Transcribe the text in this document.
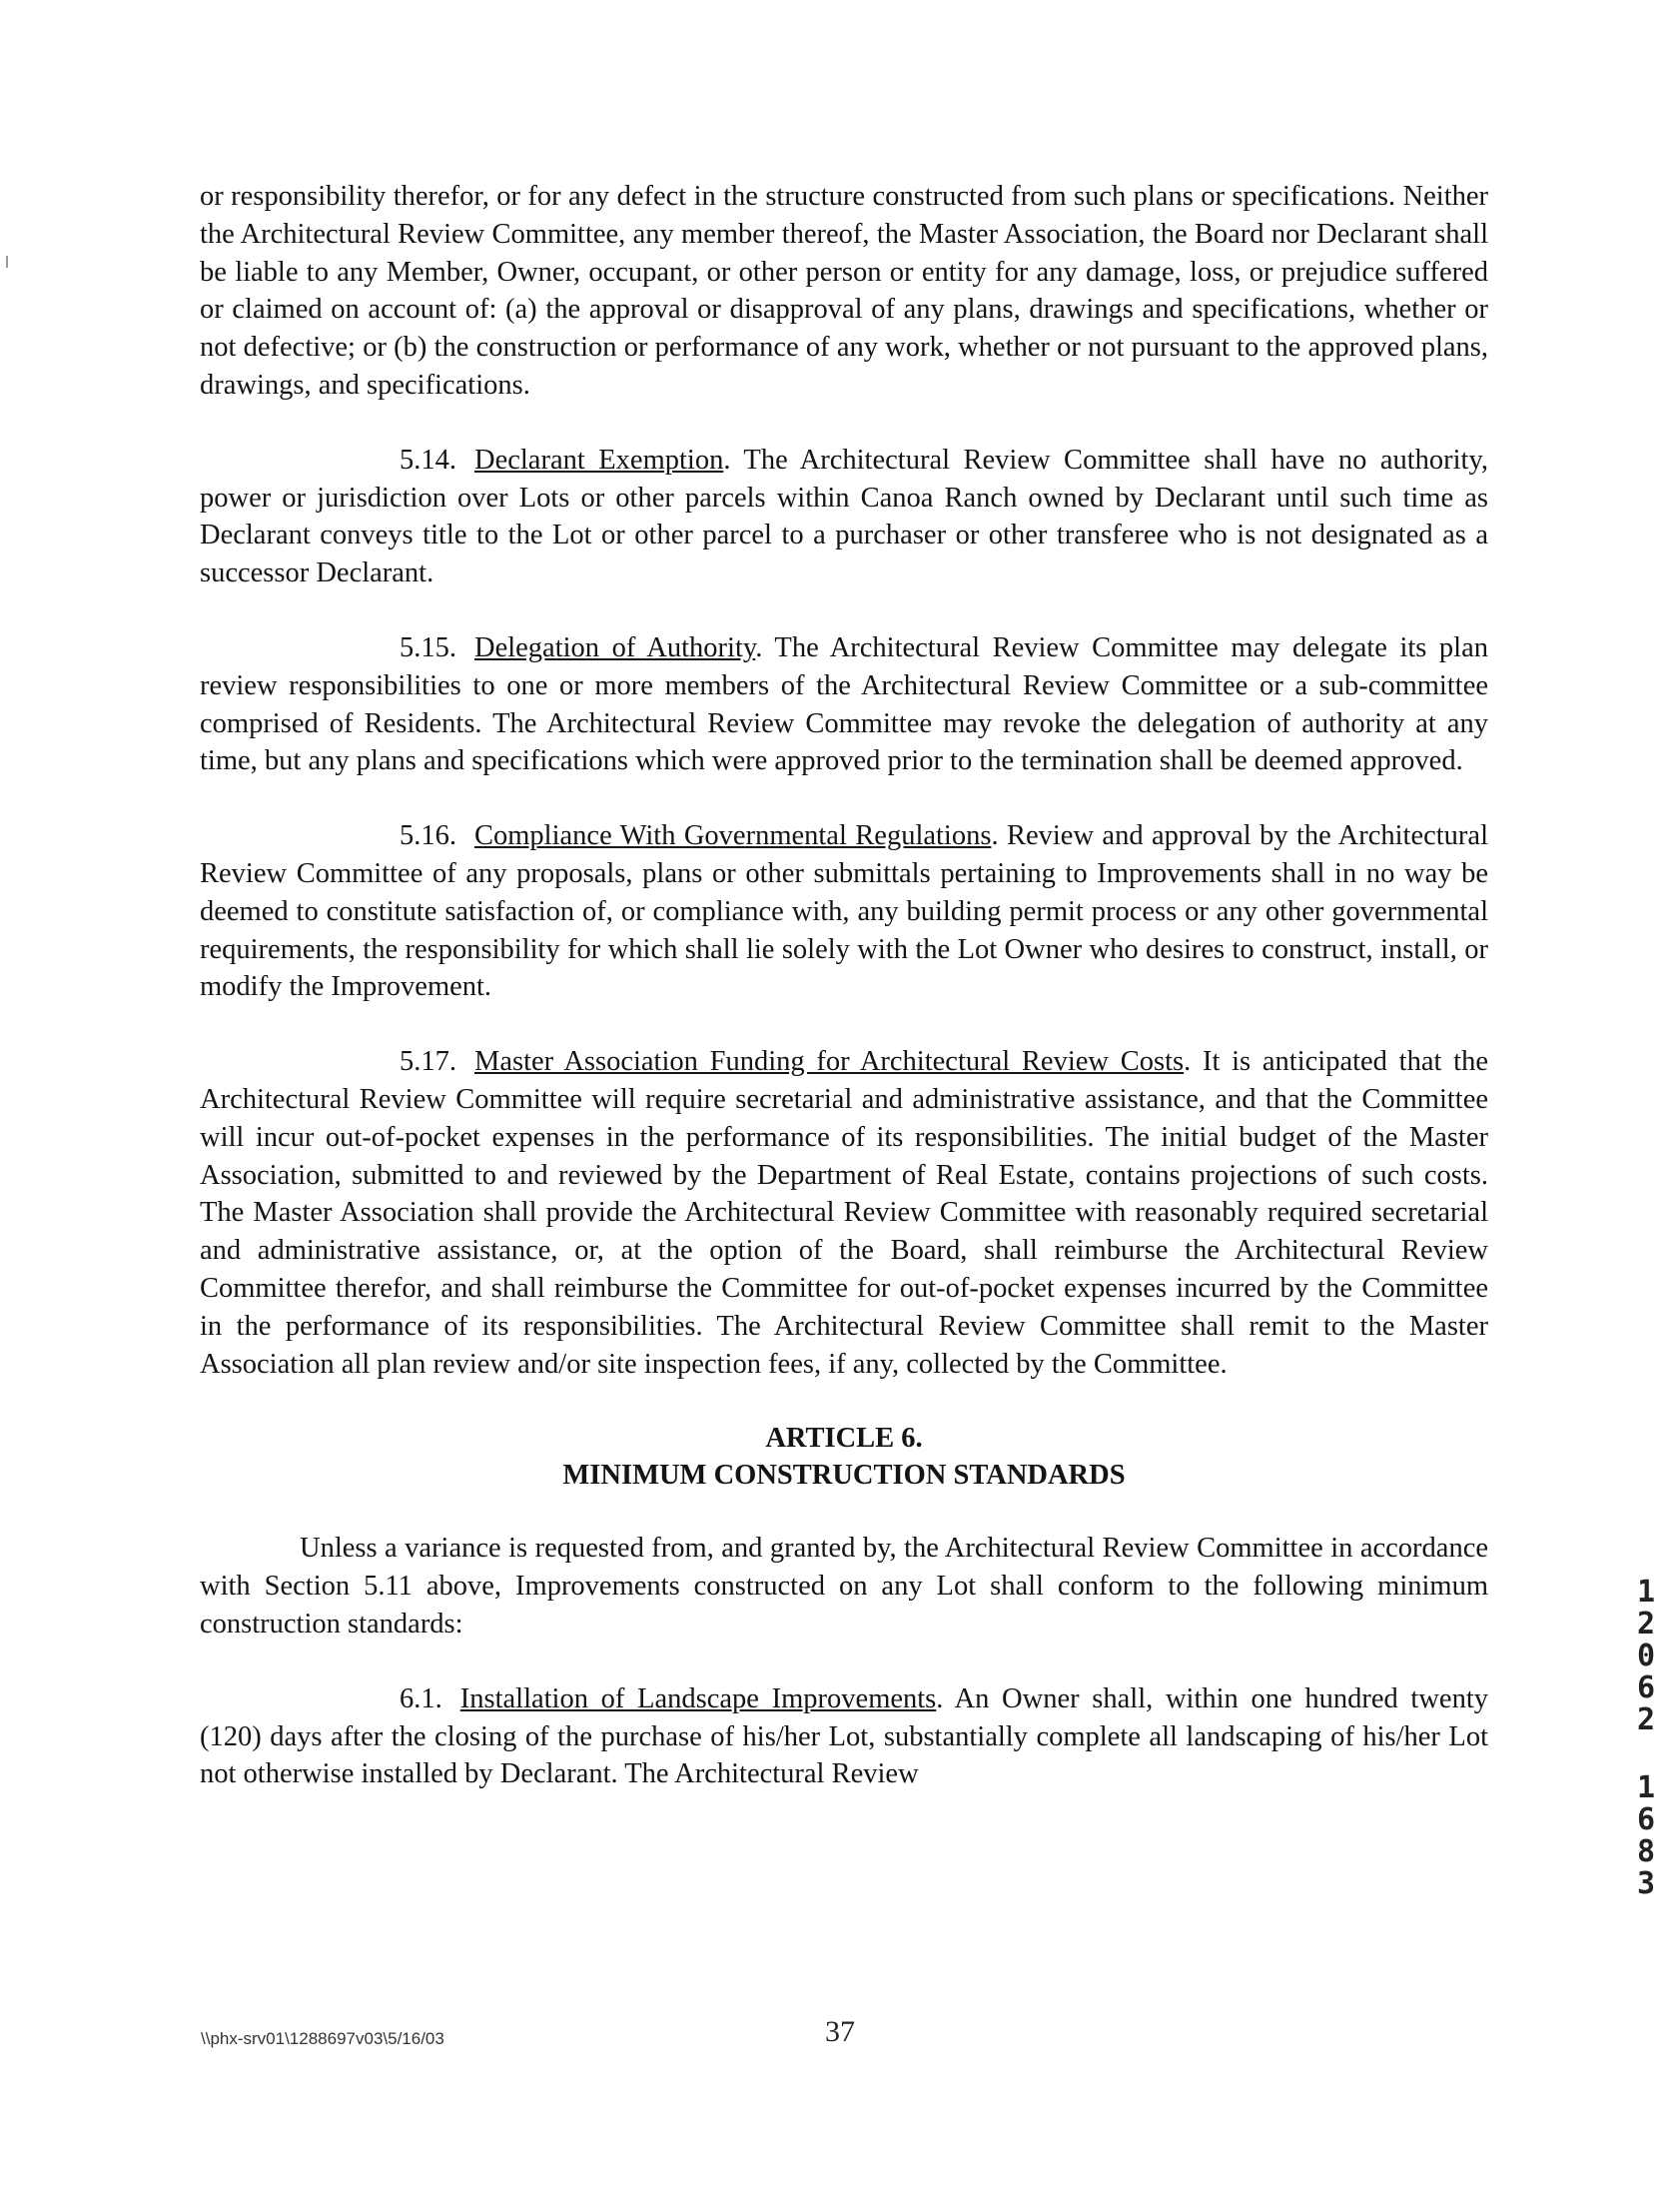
or responsibility therefor, or for any defect in the structure constructed from such plans or specifications. Neither the Architectural Review Committee, any member thereof, the Master Association, the Board nor Declarant shall be liable to any Member, Owner, occupant, or other person or entity for any damage, loss, or prejudice suffered or claimed on account of: (a) the approval or disapproval of any plans, drawings and specifications, whether or not defective; or (b) the construction or performance of any work, whether or not pursuant to the approved plans, drawings, and specifications.

5.14. Declarant Exemption. The Architectural Review Committee shall have no authority, power or jurisdiction over Lots or other parcels within Canoa Ranch owned by Declarant until such time as Declarant conveys title to the Lot or other parcel to a purchaser or other transferee who is not designated as a successor Declarant.

5.15. Delegation of Authority. The Architectural Review Committee may delegate its plan review responsibilities to one or more members of the Architectural Review Committee or a sub-committee comprised of Residents. The Architectural Review Committee may revoke the delegation of authority at any time, but any plans and specifications which were approved prior to the termination shall be deemed approved.

5.16. Compliance With Governmental Regulations. Review and approval by the Architectural Review Committee of any proposals, plans or other submittals pertaining to Improvements shall in no way be deemed to constitute satisfaction of, or compliance with, any building permit process or any other governmental requirements, the responsibility for which shall lie solely with the Lot Owner who desires to construct, install, or modify the Improvement.

5.17. Master Association Funding for Architectural Review Costs. It is anticipated that the Architectural Review Committee will require secretarial and administrative assistance, and that the Committee will incur out-of-pocket expenses in the performance of its responsibilities. The initial budget of the Master Association, submitted to and reviewed by the Department of Real Estate, contains projections of such costs. The Master Association shall provide the Architectural Review Committee with reasonably required secretarial and administrative assistance, or, at the option of the Board, shall reimburse the Architectural Review Committee therefor, and shall reimburse the Committee for out-of-pocket expenses incurred by the Committee in the performance of its responsibilities. The Architectural Review Committee shall remit to the Master Association all plan review and/or site inspection fees, if any, collected by the Committee.

ARTICLE 6.
MINIMUM CONSTRUCTION STANDARDS

Unless a variance is requested from, and granted by, the Architectural Review Committee in accordance with Section 5.11 above, Improvements constructed on any Lot shall conform to the following minimum construction standards:

6.1. Installation of Landscape Improvements. An Owner shall, within one hundred twenty (120) days after the closing of the purchase of his/her Lot, substantially complete all landscaping of his/her Lot not otherwise installed by Declarant. The Architectural Review

1
2
0
6
2
1
6
8
3
\\phx-srv01\1288697v03\5/16/03	37
